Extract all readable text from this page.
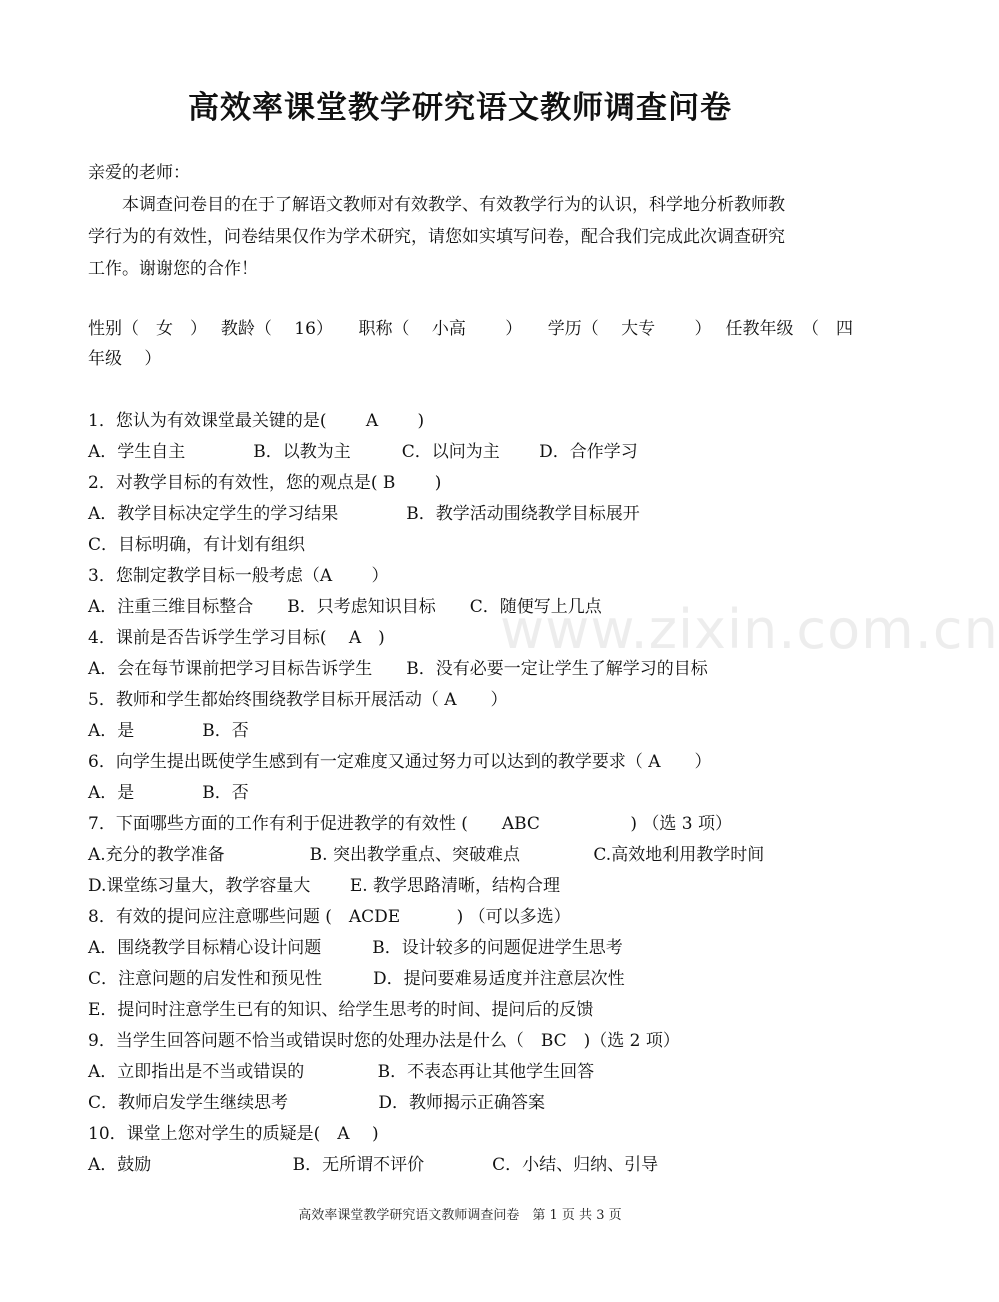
高效率课堂教学研究语文教师调查问卷
亲爱的老师：
　　本调查问卷目的在于了解语文教师对有效教学、有效教学行为的认识，科学地分析教师教
学行为的有效性，问卷结果仅作为学术研究，请您如实填写问卷，配合我们完成此次调查研究
工作。谢谢您的合作！
性别（　女　）　 教龄（　 16）　　职称（　 小高　　 ）　　学历（　 大专　　 ）　 任教年级　（　四
年级　 ）
www.zixin.com.cn
1．您认为有效课堂最关键的是(　　 A　　 )
A．学生自主　　　　B．以教为主　　　C．以问为主　　 D．合作学习
2．对教学目标的有效性，您的观点是( B　　 )
A．教学目标决定学生的学习结果　　　　B．教学活动围绕教学目标展开
C．目标明确，有计划有组织
3．您制定教学目标一般考虑（A　　 ）
A．注重三维目标整合　　B．只考虑知识目标　　C．随便写上几点
4．课前是否告诉学生学习目标(　 A　)
A．会在每节课前把学习目标告诉学生　　B．没有必要一定让学生了解学习的目标
5．教师和学生都始终围绕教学目标开展活动（ A　　）
A．是　　　　B．否
6．向学生提出既使学生感到有一定难度又通过努力可以达到的教学要求（ A　　）
A．是　　　　B．否
7．下面哪些方面的工作有利于促进教学的有效性 (　　ABC　　　　　 ) （选 3 项）
A.充分的教学准备　　　　　B. 突出教学重点、突破难点　　　　 C.高效地利用教学时间
D.课堂练习量大，教学容量大　　 E. 教学思路清晰，结构合理
8．有效的提问应注意哪些问题 (　ACDE　　　 ) （可以多选）
A．围绕教学目标精心设计问题　　　B．设计较多的问题促进学生思考
C．注意问题的启发性和预见性　　　D．提问要难易适度并注意层次性
E．提问时注意学生已有的知识、给学生思考的时间、提问后的反馈
9．当学生回答问题不恰当或错误时您的处理办法是什么（　BC　)（选 2 项）
A．立即指出是不当或错误的　　　　 B．不表态再让其他学生回答
C．教师启发学生继续思考　　　　　 D．教师揭示正确答案
10．课堂上您对学生的质疑是(　A　 )
A．鼓励　　　　　　　　 B．无所谓不评价　　　　C．小结、归纳、引导
高效率课堂教学研究语文教师调查问卷　第 1 页 共 3 页
